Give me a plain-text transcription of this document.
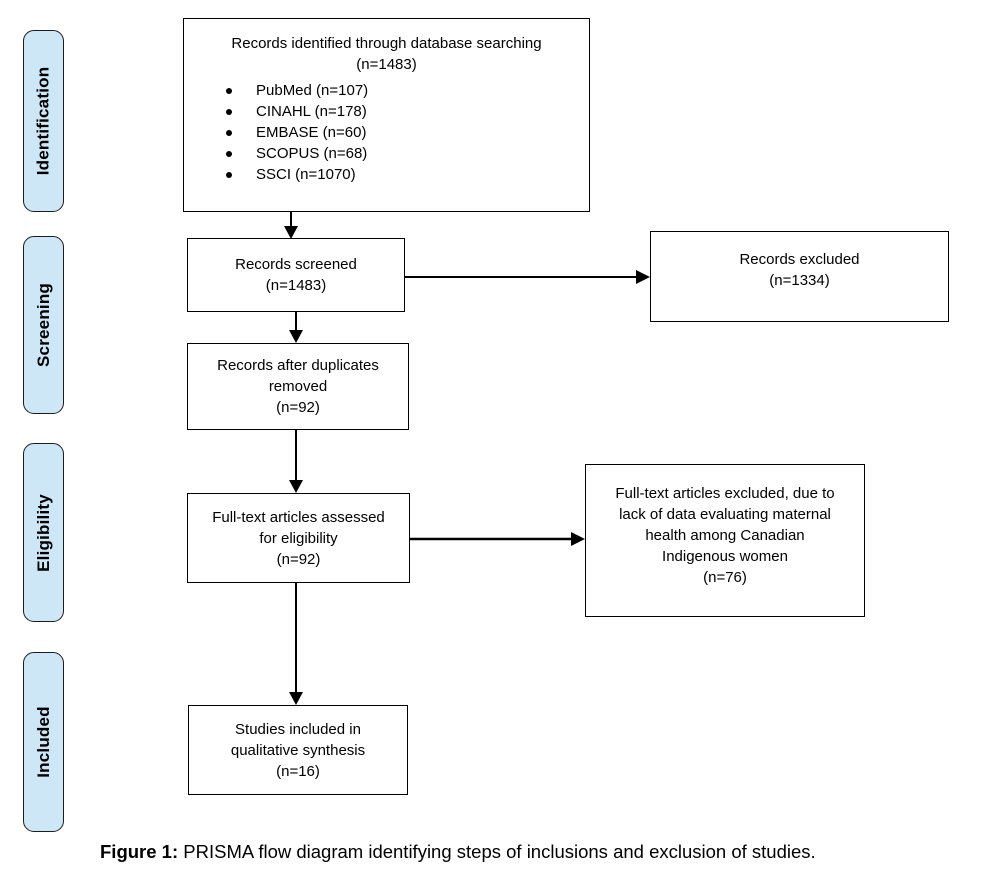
Identification
Screening
Eligibility
Included
Records identified through database searching
(n=1483)
PubMed (n=107)
CINAHL (n=178)
EMBASE (n=60)
SCOPUS (n=68)
SSCI (n=1070)
Records screened
(n=1483)
Records excluded
(n=1334)
Records after duplicates
removed
(n=92)
Full-text articles assessed
for eligibility
(n=92)
Full-text articles excluded, due to
lack of data evaluating maternal
health among Canadian
Indigenous women
(n=76)
Studies included in
qualitative synthesis
(n=16)
Figure 1: PRISMA flow diagram identifying steps of inclusions and exclusion of studies.
